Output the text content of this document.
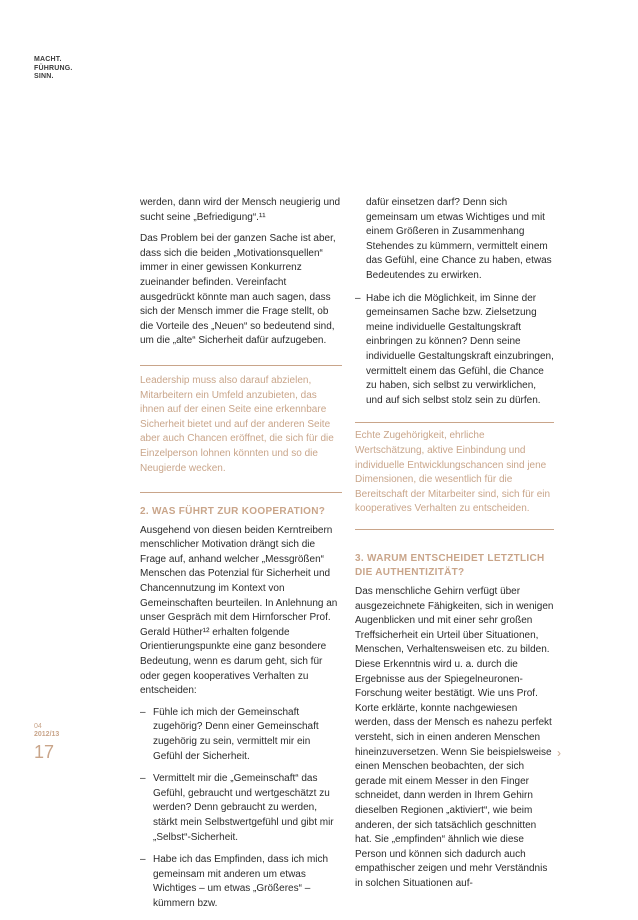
MACHT.
FÜHRUNG.
SINN.

werden, dann wird der Mensch neugierig und sucht seine „Befriedigung“.¹¹

Das Problem bei der ganzen Sache ist aber, dass sich die beiden „Motivationsquellen“ immer in einer gewissen Konkurrenz zueinander befinden. Vereinfacht ausgedrückt könnte man auch sagen, dass sich der Mensch immer die Frage stellt, ob die Vorteile des „Neuen“ so bedeutend sind, um die „alte“ Sicherheit dafür aufzugeben.

Leadership muss also darauf abzielen, Mitarbeitern ein Umfeld anzubieten, das ihnen auf der einen Seite eine erkennbare Sicherheit bietet und auf der anderen Seite aber auch Chancen eröffnet, die sich für die Einzelperson lohnen könnten und so die Neugierde wecken.
2. WAS FÜHRT ZUR KOOPERATION?

Ausgehend von diesen beiden Kerntreibern menschlicher Motivation drängt sich die Frage auf, anhand welcher „Messgrößen“ Menschen das Potenzial für Sicherheit und Chancennutzung im Kontext von Gemeinschaften beurteilen. In Anlehnung an unser Gespräch mit dem Hirnforscher Prof. Gerald Hüther¹² erhalten folgende Orientierungspunkte eine ganz besondere Bedeutung, wenn es darum geht, sich für oder gegen kooperatives Verhalten zu entscheiden:

– Fühle ich mich der Gemeinschaft zugehörig? Denn einer Gemeinschaft zugehörig zu sein, vermittelt mir ein Gefühl der Sicherheit.
– Vermittelt mir die „Gemeinschaft“ das Gefühl, gebraucht und wertgeschätzt zu werden? Denn gebraucht zu werden, stärkt mein Selbstwertgefühl und gibt mir „Selbst“-Sicherheit.
– Habe ich das Empfinden, dass ich mich gemeinsam mit anderen um etwas Wichtiges – um etwas „Größeres“ – kümmern bzw.
dafür einsetzen darf? Denn sich gemeinsam um etwas Wichtiges und mit einem Größeren in Zusammenhang Stehendes zu kümmern, vermittelt einem das Gefühl, eine Chance zu haben, etwas Bedeutendes zu erwirken.
– Habe ich die Möglichkeit, im Sinne der gemeinsamen Sache bzw. Zielsetzung meine individuelle Gestaltungskraft einbringen zu können? Denn seine individuelle Gestaltungskraft einzubringen, vermittelt einem das Gefühl, die Chance zu haben, sich selbst zu verwirklichen, und auf sich selbst stolz sein zu dürfen.
Echte Zugehörigkeit, ehrliche Wertschätzung, aktive Einbindung und individuelle Entwicklungschancen sind jene Dimensionen, die wesentlich für die Bereitschaft der Mitarbeiter sind, sich für ein kooperatives Verhalten zu entscheiden.
3. WARUM ENTSCHEIDET LETZTLICH DIE AUTHENTIZITÄT?

Das menschliche Gehirn verfügt über ausgezeichnete Fähigkeiten, sich in wenigen Augenblicken und mit einer sehr großen Treffsicherheit ein Urteil über Situationen, Menschen, Verhaltensweisen etc. zu bilden. Diese Erkenntnis wird u. a. durch die Ergebnisse aus der Spiegelneuronen-Forschung weiter bestätigt. Wie uns Prof. Korte erklärte, konnte nachgewiesen werden, dass der Mensch es nahezu perfekt versteht, sich in einen anderen Menschen hineinzuversetzen. Wenn Sie beispielsweise einen Menschen beobachten, der sich gerade mit einem Messer in den Finger schneidet, dann werden in Ihrem Gehirn dieselben Regionen „aktiviert“, wie beim anderen, der sich tatsächlich geschnitten hat. Sie „empfinden“ ähnlich wie diese Person und können sich dadurch auch empathischer zeigen und mehr Verständnis in solchen Situationen auf-

04
2012/13
17	›
